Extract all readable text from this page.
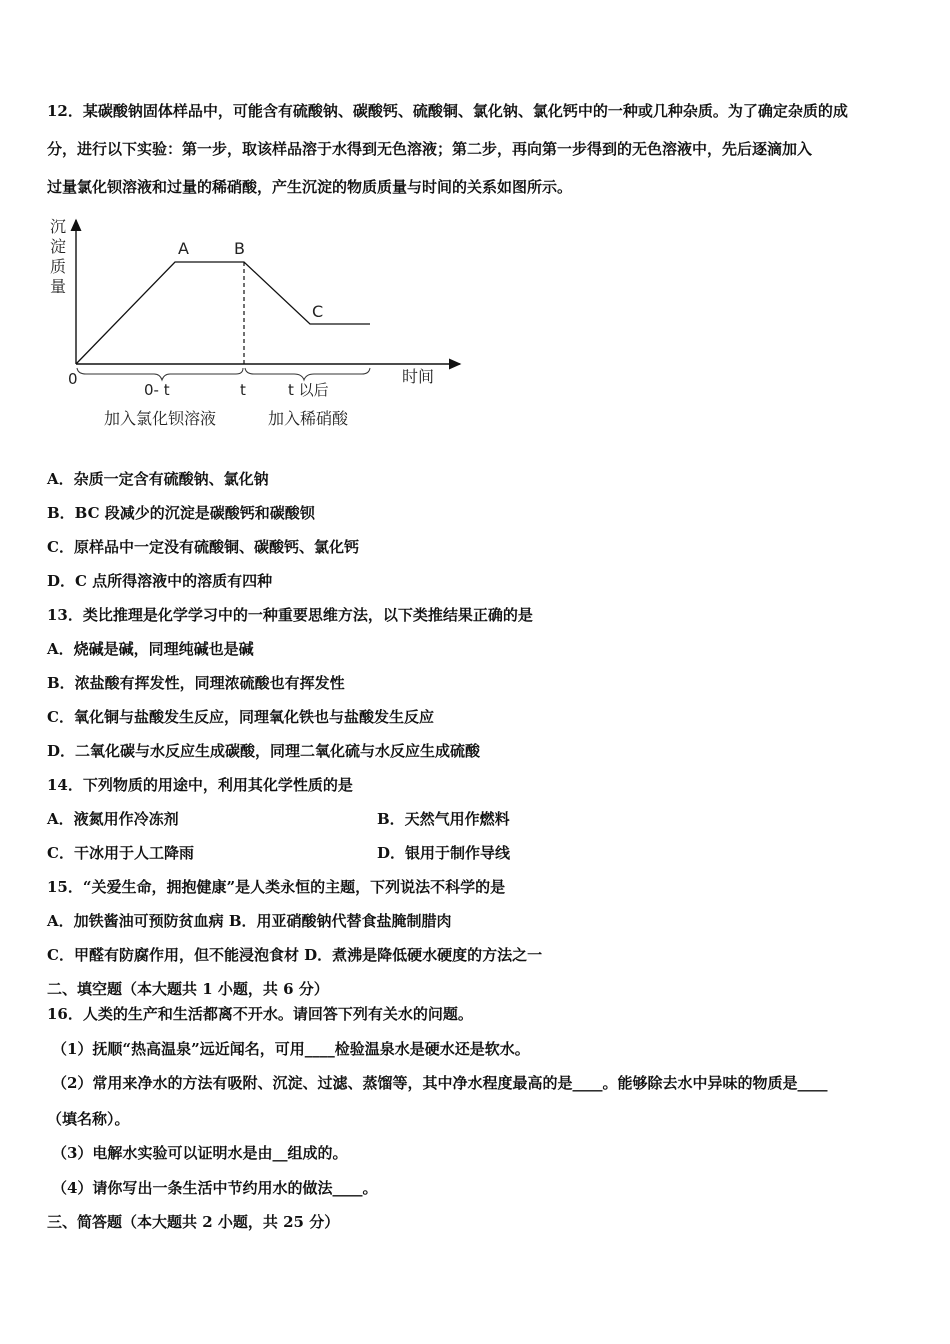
12．某碳酸钠固体样品中，可能含有硫酸钠、碳酸钙、硫酸铜、氯化钠、氯化钙中的一种或几种杂质。为了确定杂质的成
分，进行以下实验：第一步，取该样品溶于水得到无色溶液；第二步，再向第一步得到的无色溶液中，先后逐滴加入
过量氯化钡溶液和过量的稀硝酸，产生沉淀的物质质量与时间的关系如图所示。
沉
淀
质
量
A	B
C
0	时间
0- t	t	t 以后
加入氯化钡溶液	加入稀硝酸
A．杂质一定含有硫酸钠、氯化钠
B．BC 段减少的沉淀是碳酸钙和碳酸钡
C．原样品中一定没有硫酸铜、碳酸钙、氯化钙
D．C 点所得溶液中的溶质有四种
13．类比推理是化学学习中的一种重要思维方法，以下类推结果正确的是
A．烧碱是碱，同理纯碱也是碱
B．浓盐酸有挥发性，同理浓硫酸也有挥发性
C．氧化铜与盐酸发生反应，同理氧化铁也与盐酸发生反应
D．二氧化碳与水反应生成碳酸，同理二氧化硫与水反应生成硫酸
14．下列物质的用途中，利用其化学性质的是
A．液氮用作冷冻剂	B．天然气用作燃料
C．干冰用于人工降雨	D．银用于制作导线
15．“关爱生命，拥抱健康”是人类永恒的主题，下列说法不科学的是
A．加铁酱油可预防贫血病 B．用亚硝酸钠代替食盐腌制腊肉
C．甲醛有防腐作用，但不能浸泡食材 D．煮沸是降低硬水硬度的方法之一
二、填空题（本大题共 1 小题，共 6 分）
16．人类的生产和生活都离不开水。请回答下列有关水的问题。
（1）抚顺“热高温泉”远近闻名，可用____检验温泉水是硬水还是软水。
（2）常用来净水的方法有吸附、沉淀、过滤、蒸馏等，其中净水程度最高的是____。能够除去水中异味的物质是____
（填名称）。
（3）电解水实验可以证明水是由__组成的。
（4）请你写出一条生活中节约用水的做法____。
三、简答题（本大题共 2 小题，共 25 分）
